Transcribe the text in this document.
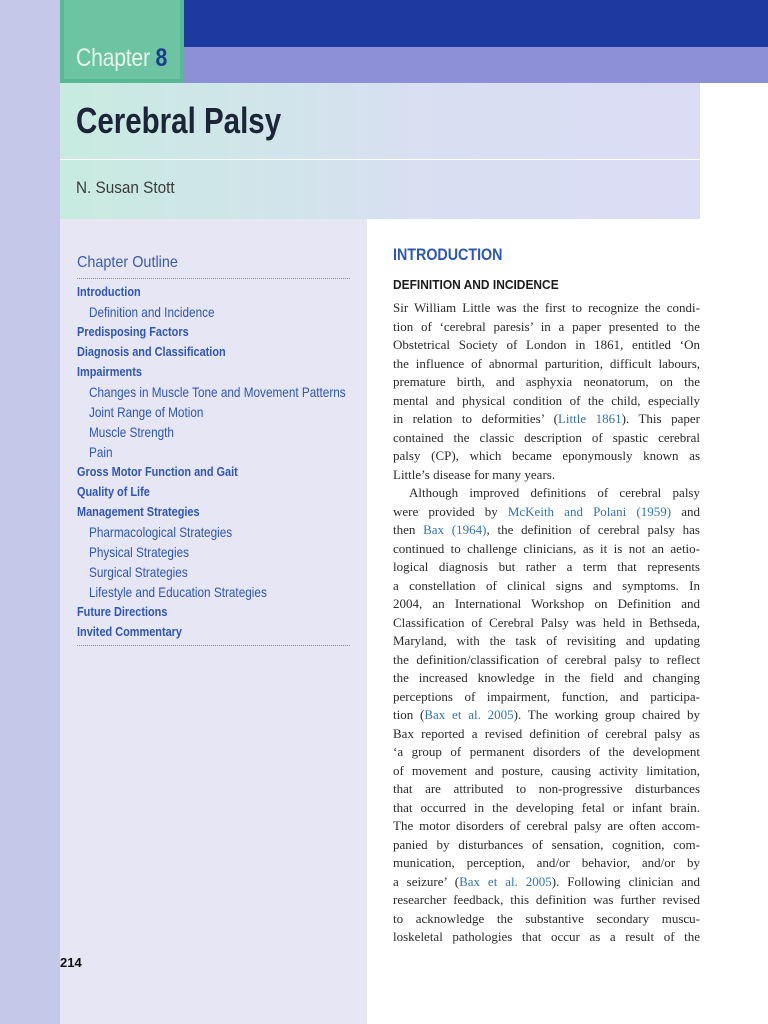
Chapter 8
Cerebral Palsy
N. Susan Stott
Chapter Outline
Introduction
Definition and Incidence
Predisposing Factors
Diagnosis and Classification
Impairments
Changes in Muscle Tone and Movement Patterns
Joint Range of Motion
Muscle Strength
Pain
Gross Motor Function and Gait
Quality of Life
Management Strategies
Pharmacological Strategies
Physical Strategies
Surgical Strategies
Lifestyle and Education Strategies
Future Directions
Invited Commentary
214
INTRODUCTION
DEFINITION AND INCIDENCE
Sir William Little was the first to recognize the condi-
tion of ‘cerebral paresis’ in a paper presented to the
Obstetrical Society of London in 1861, entitled ‘On
the influence of abnormal parturition, difficult labours,
premature birth, and asphyxia neonatorum, on the
mental and physical condition of the child, especially
in relation to deformities’ (Little 1861). This paper
contained the classic description of spastic cerebral
palsy (CP), which became eponymously known as
Little’s disease for many years.
Although improved definitions of cerebral palsy
were provided by McKeith and Polani (1959) and
then Bax (1964), the definition of cerebral palsy has
continued to challenge clinicians, as it is not an aetio-
logical diagnosis but rather a term that represents
a constellation of clinical signs and symptoms. In
2004, an International Workshop on Definition and
Classification of Cerebral Palsy was held in Bethseda,
Maryland, with the task of revisiting and updating
the definition/classification of cerebral palsy to reflect
the increased knowledge in the field and changing
perceptions of impairment, function, and participa-
tion (Bax et al. 2005). The working group chaired by
Bax reported a revised definition of cerebral palsy as
‘a group of permanent disorders of the development
of movement and posture, causing activity limitation,
that are attributed to non-progressive disturbances
that occurred in the developing fetal or infant brain.
The motor disorders of cerebral palsy are often accom-
panied by disturbances of sensation, cognition, com-
munication, perception, and/or behavior, and/or by
a seizure’ (Bax et al. 2005). Following clinician and
researcher feedback, this definition was further revised
to acknowledge the substantive secondary muscu-
loskeletal pathologies that occur as a result of the
